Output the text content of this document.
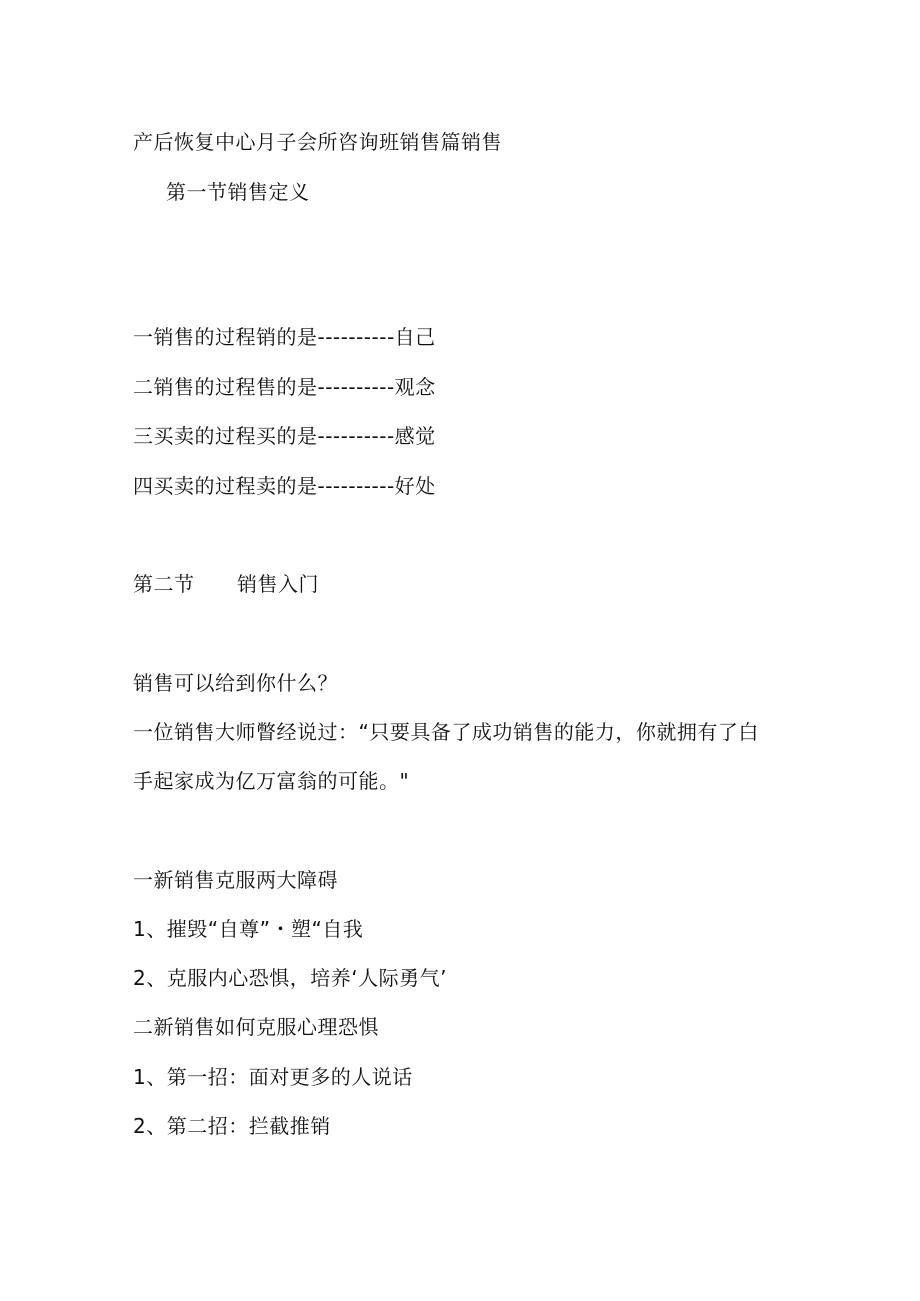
产后恢复中心月子会所咨询班销售篇销售
第一节销售定义
一销售的过程销的是----------自己
二销售的过程售的是----------观念
三买卖的过程买的是----------感觉
四买卖的过程卖的是----------好处
第二节 销售入门
销售可以给到你什么？
一位销售大师瞥经说过：“只要具备了成功销售的能力，你就拥有了白
手起家成为亿万富翁的可能。"
一新销售克服两大障碍
1、摧毁“自尊”・塑“自我
2、克服内心恐惧，培养‘人际勇气’
二新销售如何克服心理恐惧
1、第一招：面对更多的人说话
2、第二招：拦截推销
